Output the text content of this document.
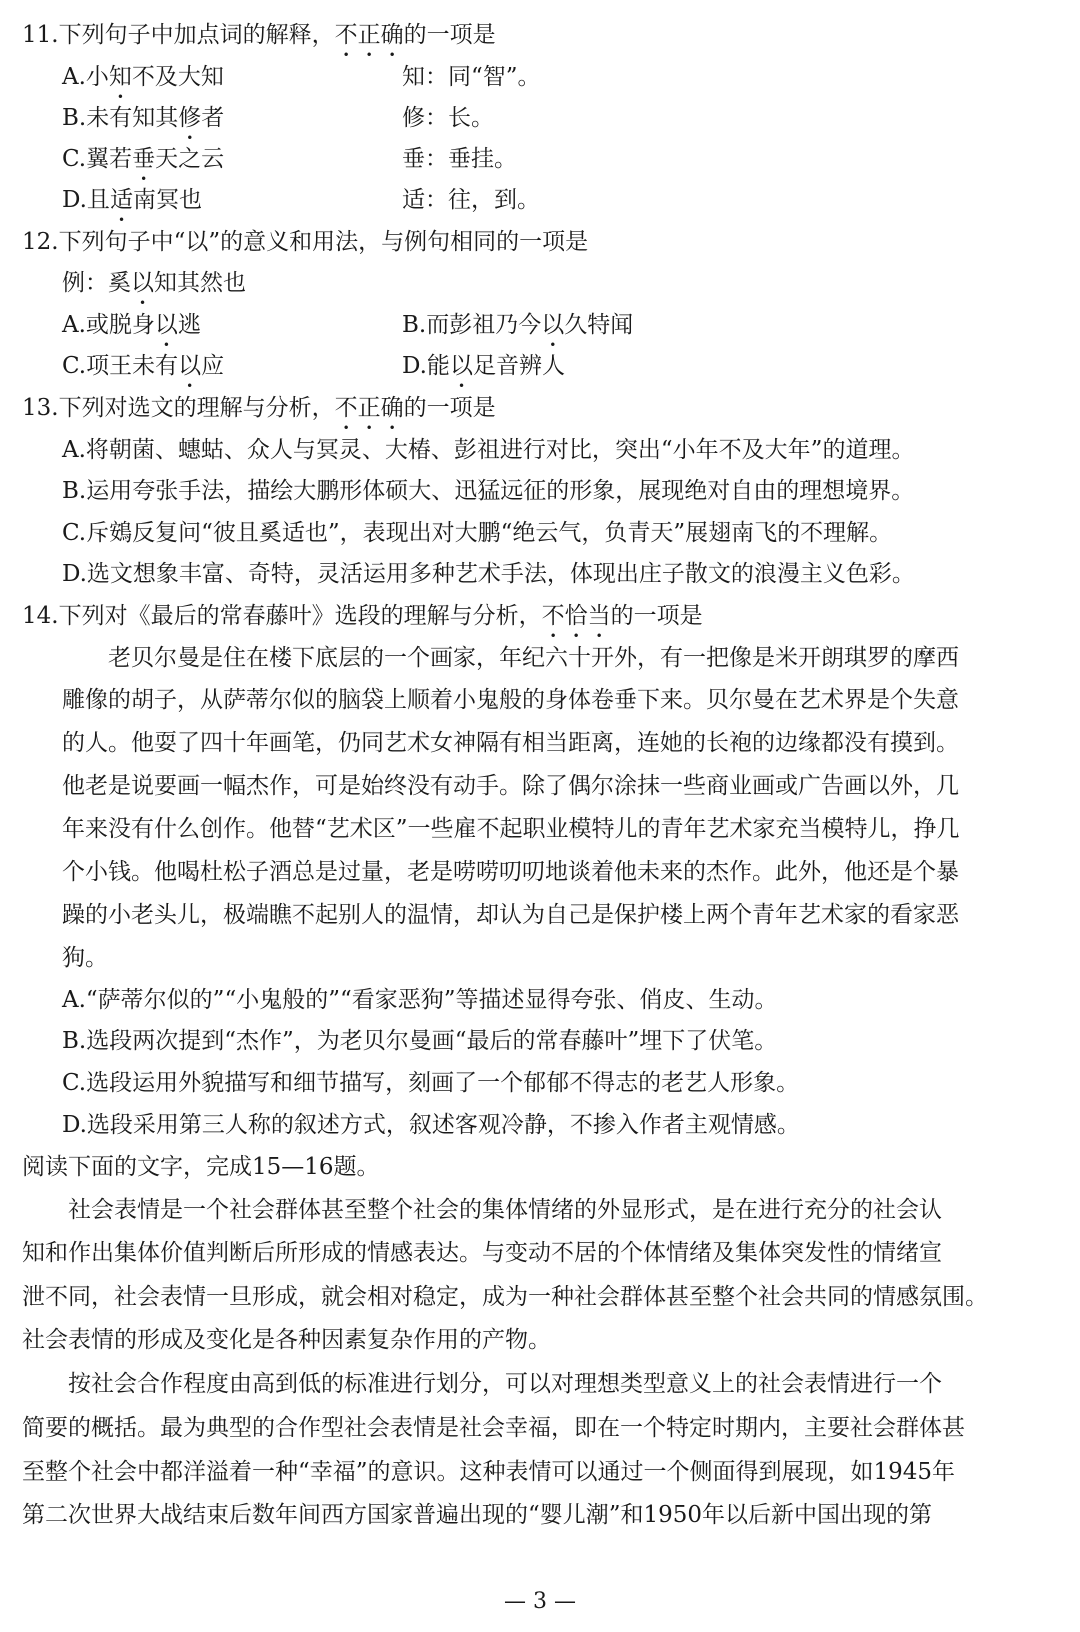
11.下列句子中加点词的解释，不正确的一项是
A.小知不及大知	知：同“智”。
B.未有知其修者	修：长。
C.翼若垂天之云	垂：垂挂。
D.且适南冥也	适：往，到。
12.下列句子中“以”的意义和用法，与例句相同的一项是
例：奚以知其然也
A.或脱身以逃	B.而彭祖乃今以久特闻
C.项王未有以应	D.能以足音辨人
13.下列对选文的理解与分析，不正确的一项是
A.将朝菌、蟪蛄、众人与冥灵、大椿、彭祖进行对比，突出“小年不及大年”的道理。
B.运用夸张手法，描绘大鹏形体硕大、迅猛远征的形象，展现绝对自由的理想境界。
C.斥鴳反复问“彼且奚适也”，表现出对大鹏“绝云气，负青天”展翅南飞的不理解。
D.选文想象丰富、奇特，灵活运用多种艺术手法，体现出庄子散文的浪漫主义色彩。
14.下列对《最后的常春藤叶》选段的理解与分析，不恰当的一项是
老贝尔曼是住在楼下底层的一个画家，年纪六十开外，有一把像是米开朗琪罗的摩西
雕像的胡子，从萨蒂尔似的脑袋上顺着小鬼般的身体卷垂下来。贝尔曼在艺术界是个失意
的人。他耍了四十年画笔，仍同艺术女神隔有相当距离，连她的长袍的边缘都没有摸到。
他老是说要画一幅杰作，可是始终没有动手。除了偶尔涂抹一些商业画或广告画以外，几
年来没有什么创作。他替“艺术区”一些雇不起职业模特儿的青年艺术家充当模特儿，挣几
个小钱。他喝杜松子酒总是过量，老是唠唠叨叨地谈着他未来的杰作。此外，他还是个暴
躁的小老头儿，极端瞧不起别人的温情，却认为自己是保护楼上两个青年艺术家的看家恶
狗。
A.“萨蒂尔似的”“小鬼般的”“看家恶狗”等描述显得夸张、俏皮、生动。
B.选段两次提到“杰作”，为老贝尔曼画“最后的常春藤叶”埋下了伏笔。
C.选段运用外貌描写和细节描写，刻画了一个郁郁不得志的老艺人形象。
D.选段采用第三人称的叙述方式，叙述客观冷静，不掺入作者主观情感。
阅读下面的文字，完成15—16题。
社会表情是一个社会群体甚至整个社会的集体情绪的外显形式，是在进行充分的社会认
知和作出集体价值判断后所形成的情感表达。与变动不居的个体情绪及集体突发性的情绪宣
泄不同，社会表情一旦形成，就会相对稳定，成为一种社会群体甚至整个社会共同的情感氛围。
社会表情的形成及变化是各种因素复杂作用的产物。
按社会合作程度由高到低的标准进行划分，可以对理想类型意义上的社会表情进行一个
简要的概括。最为典型的合作型社会表情是社会幸福，即在一个特定时期内，主要社会群体甚
至整个社会中都洋溢着一种“幸福”的意识。这种表情可以通过一个侧面得到展现，如1945年
第二次世界大战结束后数年间西方国家普遍出现的“婴儿潮”和1950年以后新中国出现的第
— 3 —
